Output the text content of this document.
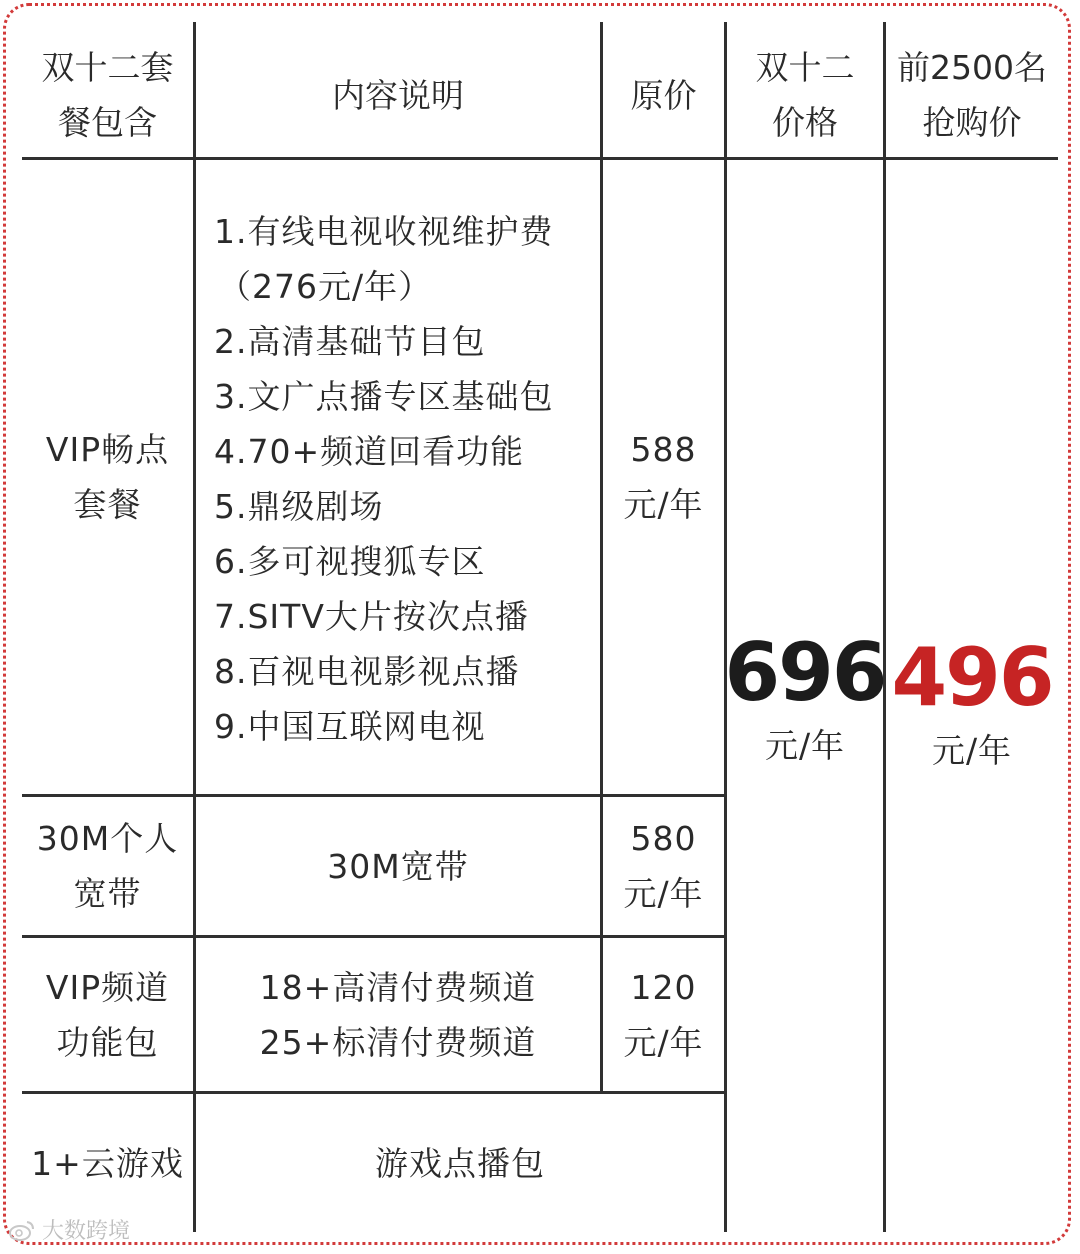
双十二套
餐包含
内容说明	原价
双十二
价格
前2500名
抢购价
VIP畅点
套餐
1.有线电视收视维护费
（276元/年）
2.高清基础节目包
3.文广点播专区基础包
4.70+频道回看功能
5.鼎级剧场
6.多可视搜狐专区
7.SITV大片按次点播
8.百视电视影视点播
9.中国互联网电视
588
元/年
30M个人
宽带
30M宽带
580
元/年
VIP频道
功能包
18+高清付费频道
25+标清付费频道
120
元/年
1+云游戏	游戏点播包
696
元/年
496
元/年
大数跨境
